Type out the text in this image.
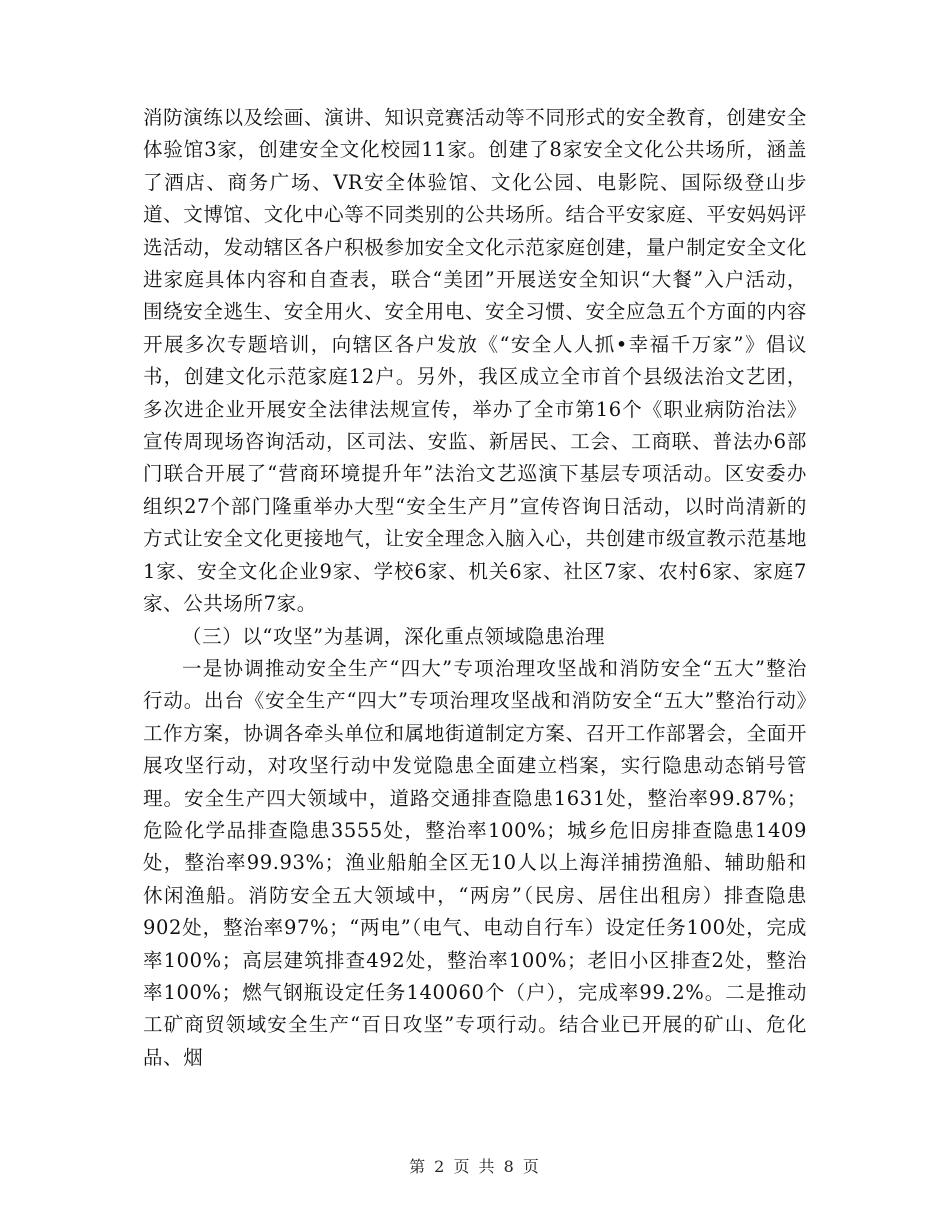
消防演练以及绘画、演讲、知识竞赛活动等不同形式的安全教育，创建安全体验馆3家，创建安全文化校园11家。创建了8家安全文化公共场所，涵盖了酒店、商务广场、VR安全体验馆、文化公园、电影院、国际级登山步道、文博馆、文化中心等不同类别的公共场所。结合平安家庭、平安妈妈评选活动，发动辖区各户积极参加安全文化示范家庭创建，量户制定安全文化进家庭具体内容和自查表，联合“美团”开展送安全知识“大餐”入户活动，围绕安全逃生、安全用火、安全用电、安全习惯、安全应急五个方面的内容开展多次专题培训，向辖区各户发放《“安全人人抓•幸福千万家”》倡议书，创建文化示范家庭12户。另外，我区成立全市首个县级法治文艺团，多次进企业开展安全法律法规宣传，举办了全市第16个《职业病防治法》宣传周现场咨询活动，区司法、安监、新居民、工会、工商联、普法办6部门联合开展了“营商环境提升年”法治文艺巡演下基层专项活动。区安委办组织27个部门隆重举办大型“安全生产月”宣传咨询日活动，以时尚清新的方式让安全文化更接地气，让安全理念入脑入心，共创建市级宣教示范基地1家、安全文化企业9家、学校6家、机关6家、社区7家、农村6家、家庭7家、公共场所7家。

（三）以“攻坚”为基调，深化重点领域隐患治理

一是协调推动安全生产“四大”专项治理攻坚战和消防安全“五大”整治行动。出台《安全生产“四大”专项治理攻坚战和消防安全“五大”整治行动》工作方案，协调各牵头单位和属地街道制定方案、召开工作部署会，全面开展攻坚行动，对攻坚行动中发觉隐患全面建立档案，实行隐患动态销号管理。安全生产四大领域中，道路交通排查隐患1631处，整治率99.87%；危险化学品排查隐患3555处，整治率100%；城乡危旧房排查隐患1409处，整治率99.93%；渔业船舶全区无10人以上海洋捕捞渔船、辅助船和休闲渔船。消防安全五大领域中，“两房”（民房、居住出租房）排查隐患902处，整治率97%；“两电”（电气、电动自行车）设定任务100处，完成率100%；高层建筑排查492处，整治率100%；老旧小区排查2处，整治率100%；燃气钢瓶设定任务140060个（户），完成率99.2%。二是推动工矿商贸领域安全生产“百日攻坚”专项行动。结合业已开展的矿山、危化品、烟

第 2 页 共 8 页
